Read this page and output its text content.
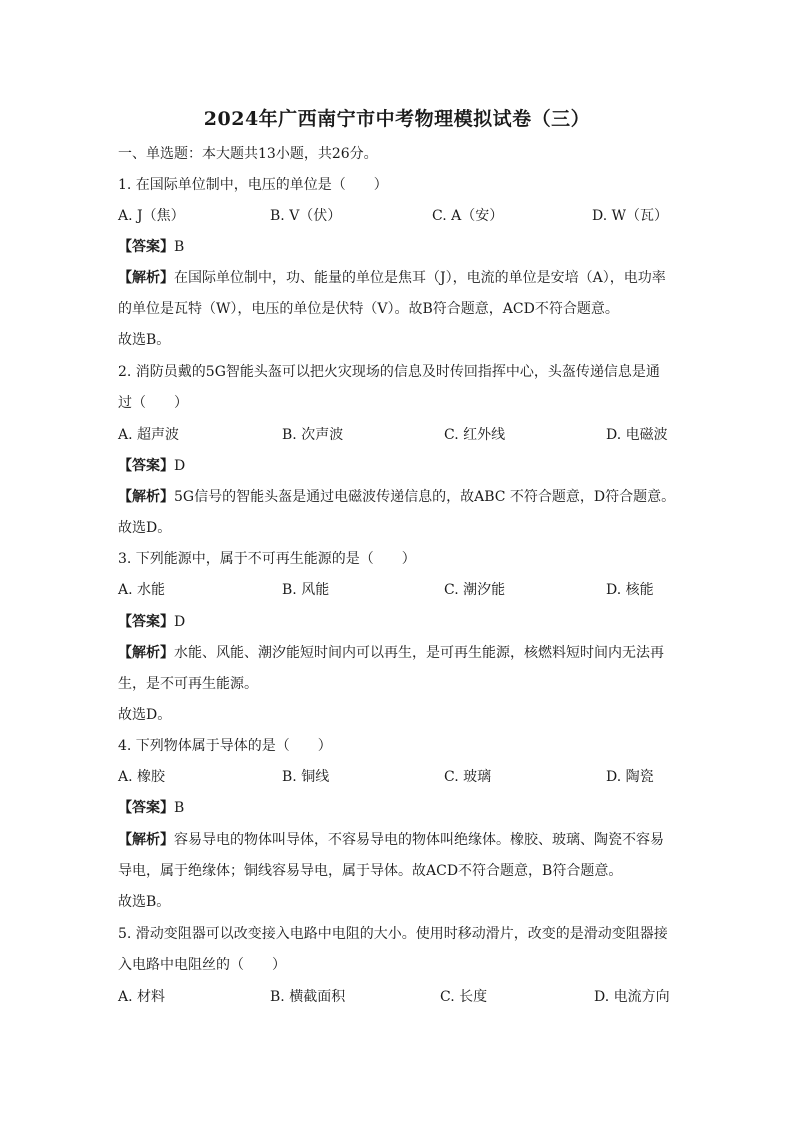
2024年广西南宁市中考物理模拟试卷（三）
一、单选题：本大题共13小题，共26分。
1. 在国际单位制中，电压的单位是（　　）
A. J（焦）	B. V（伏）	C. A（安）	D. W（瓦）
【答案】B
【解析】在国际单位制中，功、能量的单位是焦耳（J），电流的单位是安培（A），电功率
的单位是瓦特（W），电压的单位是伏特（V）。故B符合题意，ACD不符合题意。
故选B。
2. 消防员戴的5G智能头盔可以把火灾现场的信息及时传回指挥中心，头盔传递信息是通
过（　　）
A. 超声波	B. 次声波	C. 红外线	D. 电磁波
【答案】D
【解析】5G信号的智能头盔是通过电磁波传递信息的，故ABC 不符合题意，D符合题意。
故选D。
3. 下列能源中，属于不可再生能源的是（　　）
A. 水能	B. 风能	C. 潮汐能	D. 核能
【答案】D
【解析】水能、风能、潮汐能短时间内可以再生，是可再生能源，核燃料短时间内无法再
生，是不可再生能源。
故选D。
4. 下列物体属于导体的是（　　）
A. 橡胶	B. 铜线	C. 玻璃	D. 陶瓷
【答案】B
【解析】容易导电的物体叫导体，不容易导电的物体叫绝缘体。橡胶、玻璃、陶瓷不容易
导电，属于绝缘体；铜线容易导电，属于导体。故ACD不符合题意，B符合题意。
故选B。
5. 滑动变阻器可以改变接入电路中电阻的大小。使用时移动滑片，改变的是滑动变阻器接
入电路中电阻丝的（　　）
A. 材料	B. 横截面积	C. 长度	D. 电流方向
